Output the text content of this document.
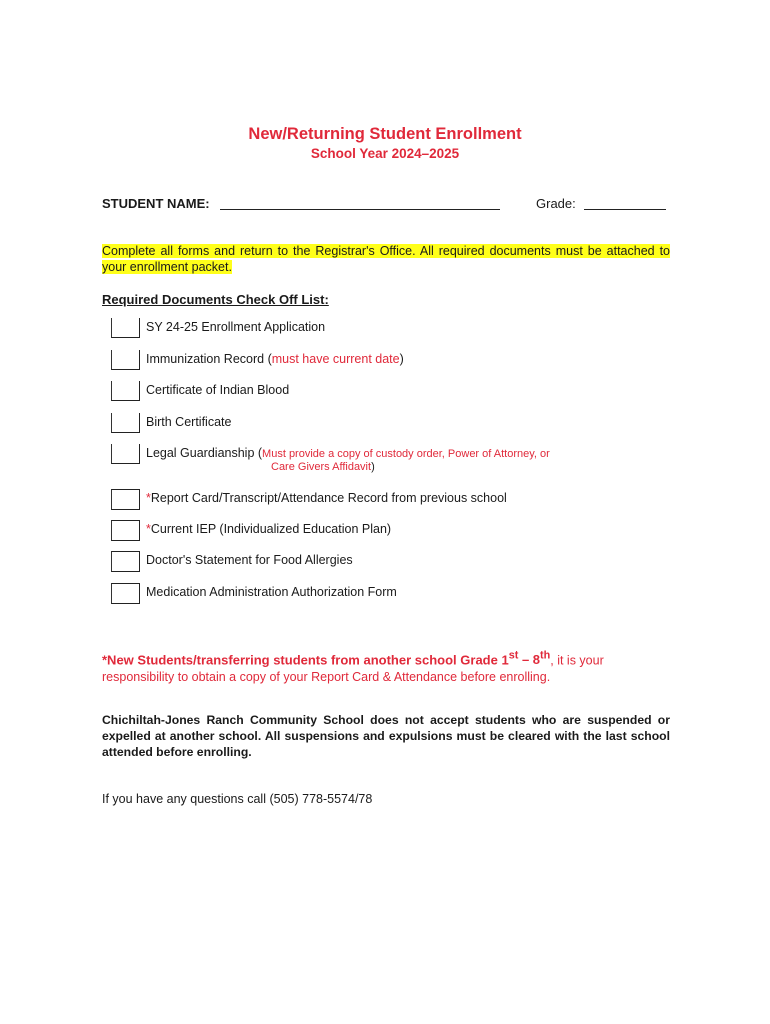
New/Returning Student Enrollment
School Year 2024–2025
STUDENT NAME:	Grade:
Complete all forms and return to the Registrar's Office. All required documents must be attached to your enrollment packet.
Required Documents Check Off List:
SY 24-25 Enrollment Application
Immunization Record (must have current date)
Certificate of Indian Blood
Birth Certificate
Legal Guardianship (Must provide a copy of custody order, Power of Attorney, or
Care Givers Affidavit)
*Report Card/Transcript/Attendance Record from previous school
*Current IEP (Individualized Education Plan)
Doctor's Statement for Food Allergies
Medication Administration Authorization Form
*New Students/transferring students from another school Grade 1st – 8th, it is your responsibility to obtain a copy of your Report Card & Attendance before enrolling.
Chichiltah-Jones Ranch Community School does not accept students who are suspended or expelled at another school. All suspensions and expulsions must be cleared with the last school attended before enrolling.
If you have any questions call (505) 778-5574/78
